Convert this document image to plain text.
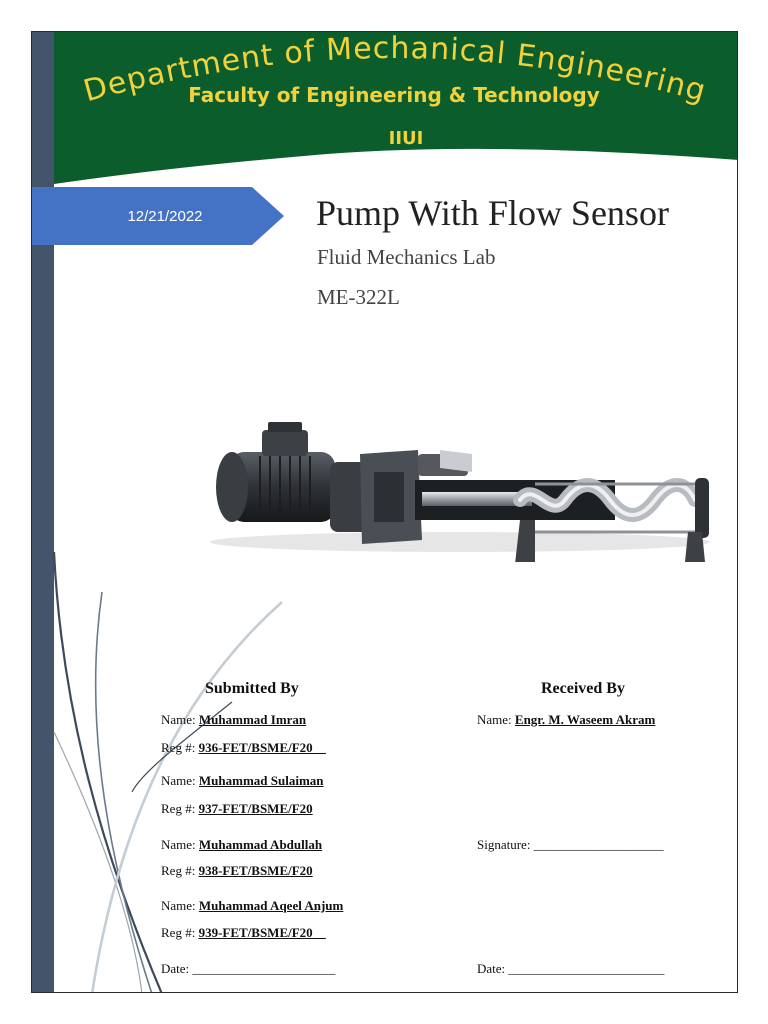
Department of Mechanical Engineering
Faculty of Engineering & Technology
IIUI
12/21/2022	Pump With Flow Sensor
Fluid Mechanics Lab
ME-322L
Submitted By	Received By
Name: Muhammad Imran
Reg #: 936-FET/BSME/F20__
Name: Muhammad Sulaiman
Reg #: 937-FET/BSME/F20
Name: Muhammad Abdullah
Reg #: 938-FET/BSME/F20
Name: Muhammad Aqeel Anjum
Reg #: 939-FET/BSME/F20__
Date: ______________________
Name: Engr. M. Waseem Akram
Signature: ____________________
Date: ________________________
